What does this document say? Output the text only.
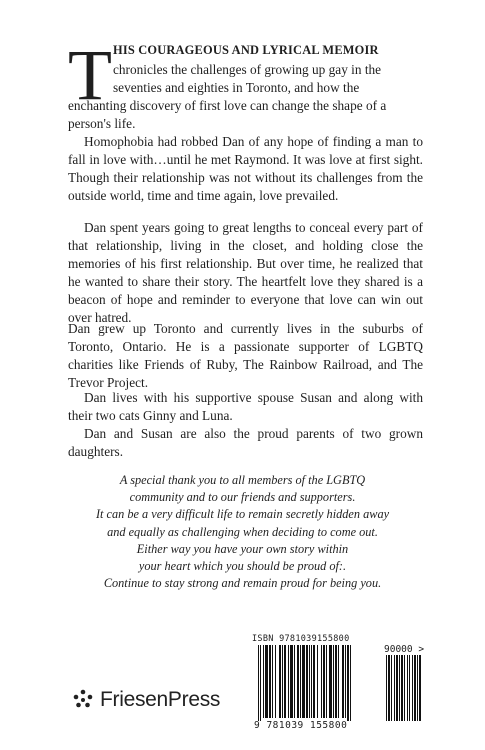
T HIS COURAGEOUS AND LYRICAL MEMOIR
chronicles the challenges of growing up gay in the
seventies and eighties in Toronto, and how the
enchanting discovery of first love can change the shape of a
person's life.

Homophobia had robbed Dan of any hope of finding a man to fall in love with…until he met Raymond. It was love at first sight. Though their relationship was not without its challenges from the outside world, time and time again, love prevailed.

Dan spent years going to great lengths to conceal every part of that relationship, living in the closet, and holding close the memories of his first relationship. But over time, he realized that he wanted to share their story. The heartfelt love they shared is a beacon of hope and reminder to everyone that love can win out over hatred.

Dan grew up Toronto and currently lives in the suburbs of Toronto, Ontario. He is a passionate supporter of LGBTQ charities like Friends of Ruby, The Rainbow Railroad, and The Trevor Project.

Dan lives with his supportive spouse Susan and along with their two cats Ginny and Luna.

Dan and Susan are also the proud parents of two grown daughters.

A special thank you to all members of the LGBTQ
community and to our friends and supporters.
It can be a very difficult life to remain secretly hidden away
and equally as challenging when deciding to come out.
Either way you have your own story within
your heart which you should be proud of:.
Continue to stay strong and remain proud for being you.
FriesenPress
ISBN 9781039155800
90000 >
9 781039 155800
